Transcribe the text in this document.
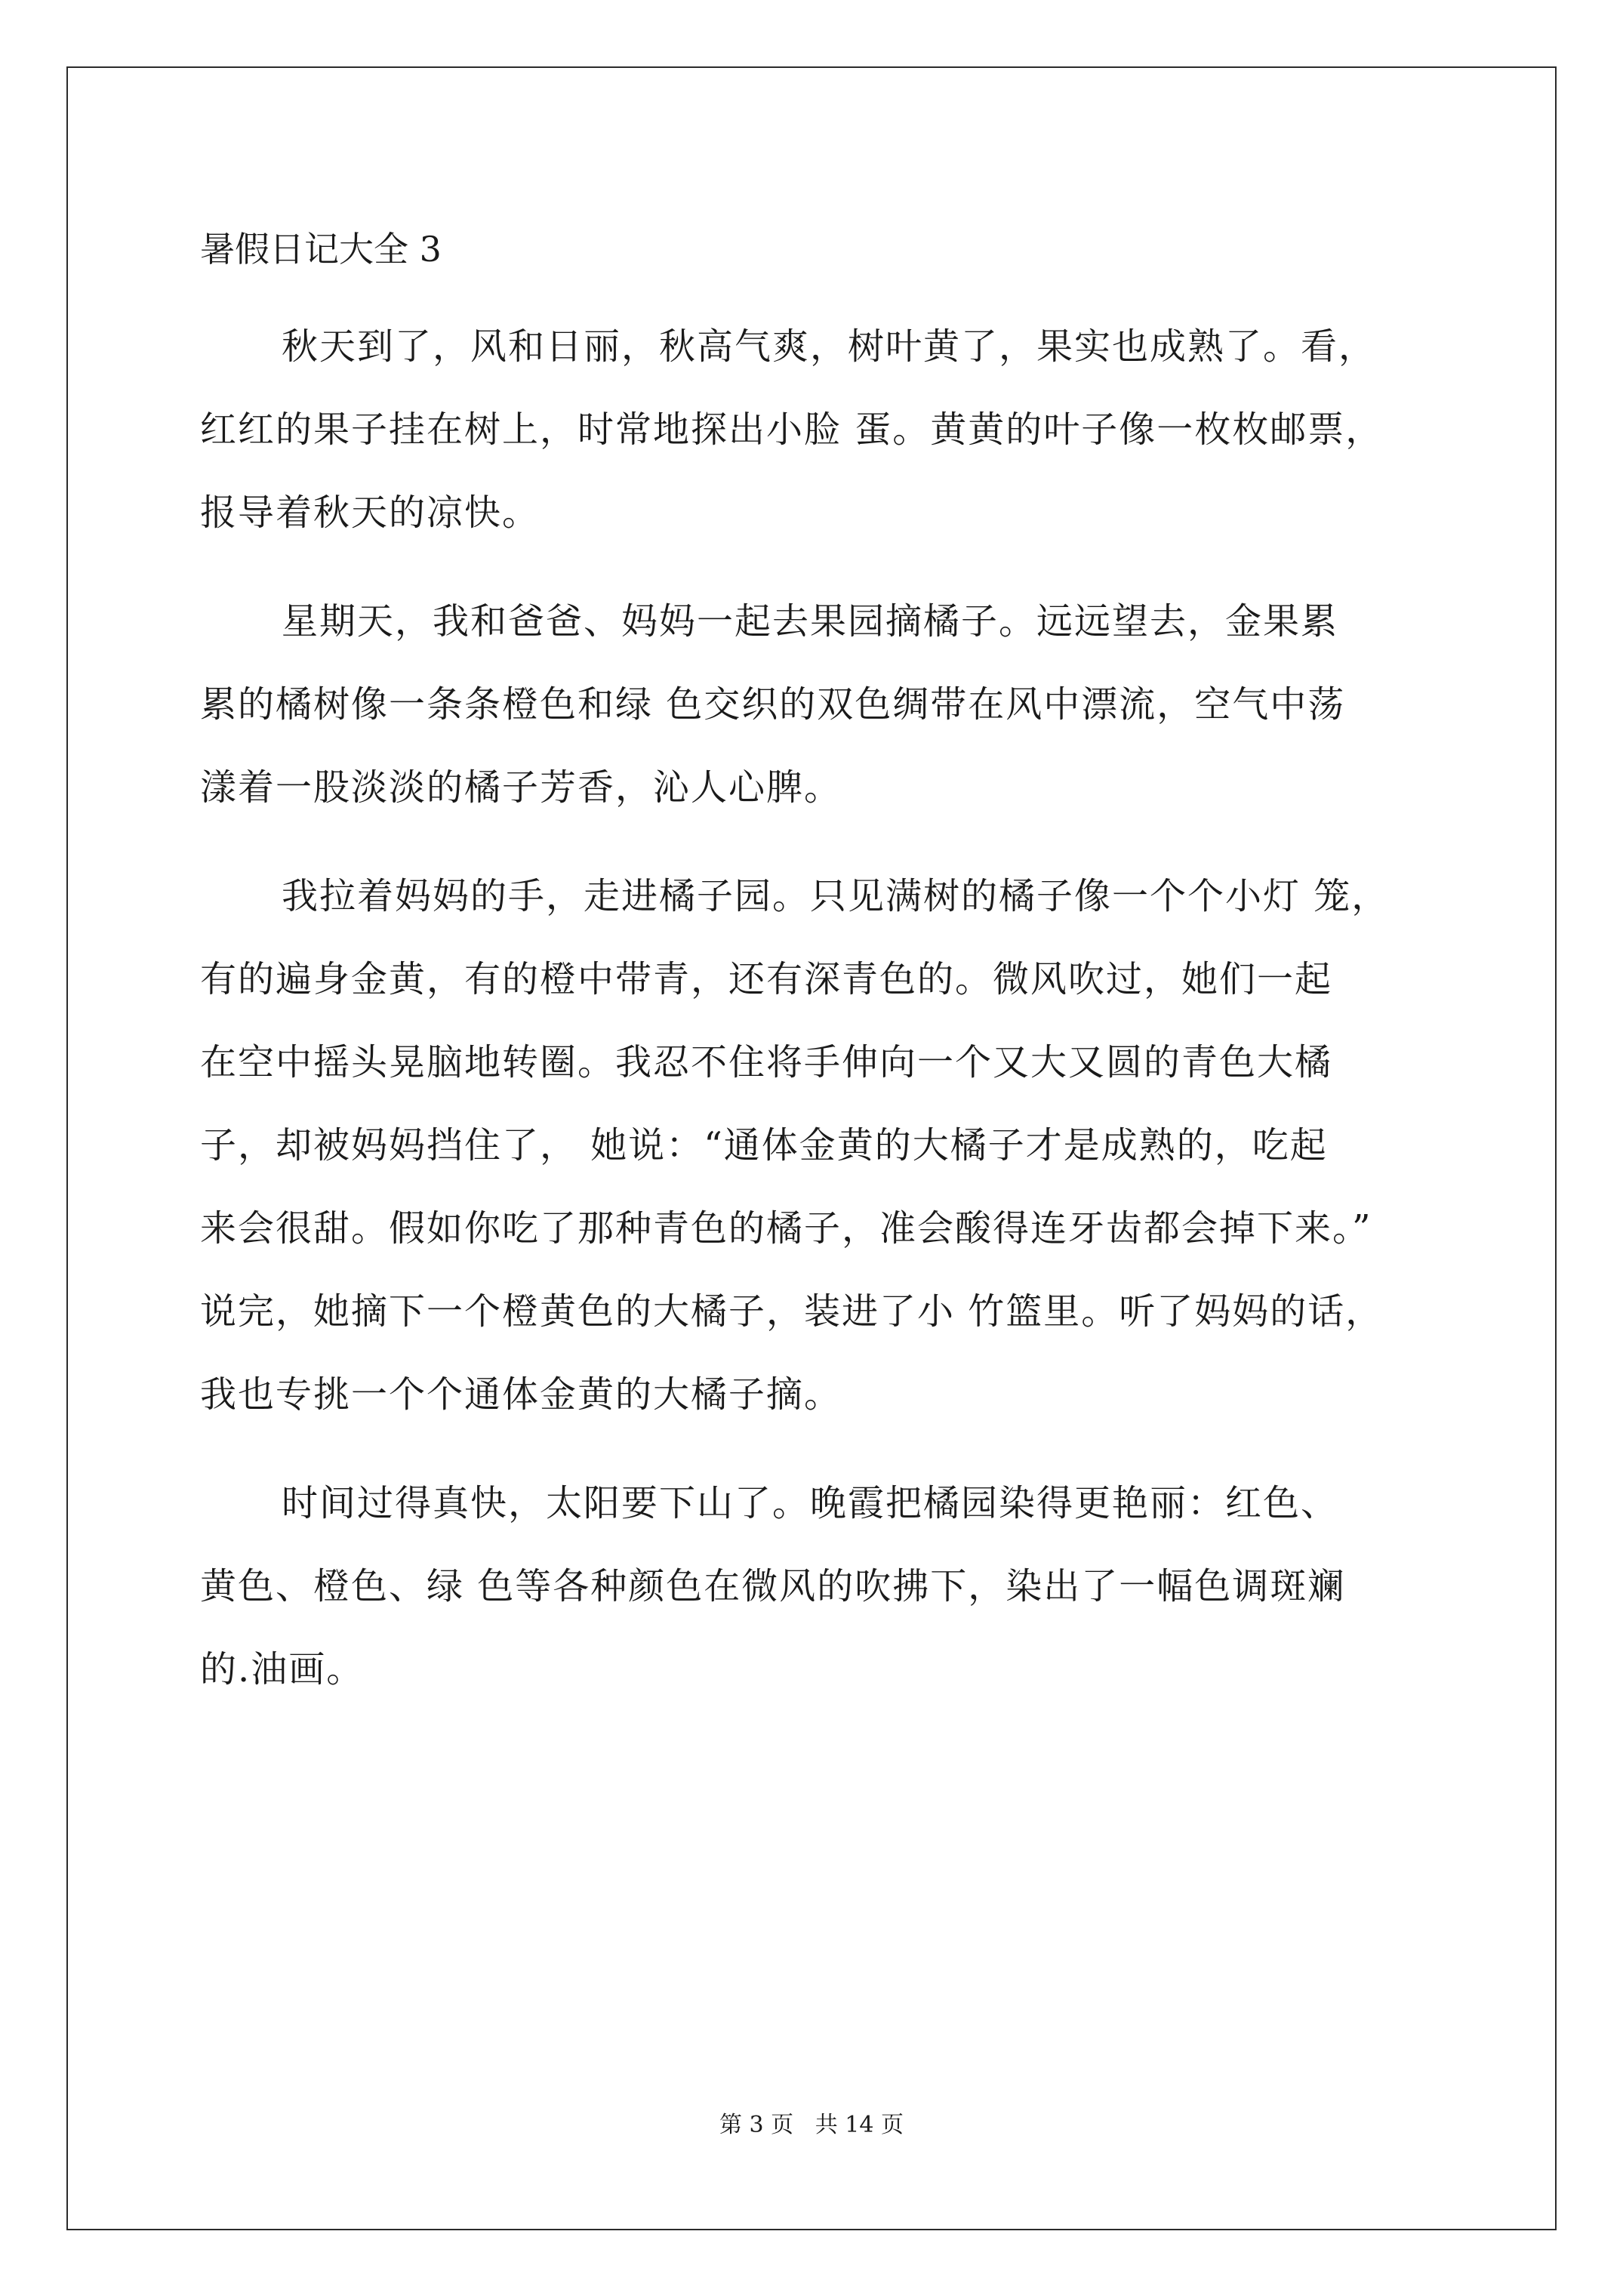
暑假日记大全 3
秋天到了，风和日丽，秋高气爽，树叶黄了，果实也成熟了。看，
红红的果子挂在树上，时常地探出小脸 蛋。黄黄的叶子像一枚枚邮票，
报导着秋天的凉快。
星期天，我和爸爸、妈妈一起去果园摘橘子。远远望去，金果累
累的橘树像一条条橙色和绿 色交织的双色绸带在风中漂流，空气中荡
漾着一股淡淡的橘子芳香，沁人心脾。
我拉着妈妈的手，走进橘子园。只见满树的橘子像一个个小灯 笼，
有的遍身金黄，有的橙中带青，还有深青色的。微风吹过，她们一起
在空中摇头晃脑地转圈。我忍不住将手伸向一个又大又圆的青色大橘
子，却被妈妈挡住了， 她说：“通体金黄的大橘子才是成熟的，吃起
来会很甜。假如你吃了那种青色的橘子，准会酸得连牙齿都会掉下来。”
说完，她摘下一个橙黄色的大橘子，装进了小 竹篮里。听了妈妈的话，
我也专挑一个个通体金黄的大橘子摘。
时间过得真快，太阳要下山了。晚霞把橘园染得更艳丽：红色、
黄色、橙色、绿 色等各种颜色在微风的吹拂下，染出了一幅色调斑斓
的.油画。
第 3 页   共 14 页
